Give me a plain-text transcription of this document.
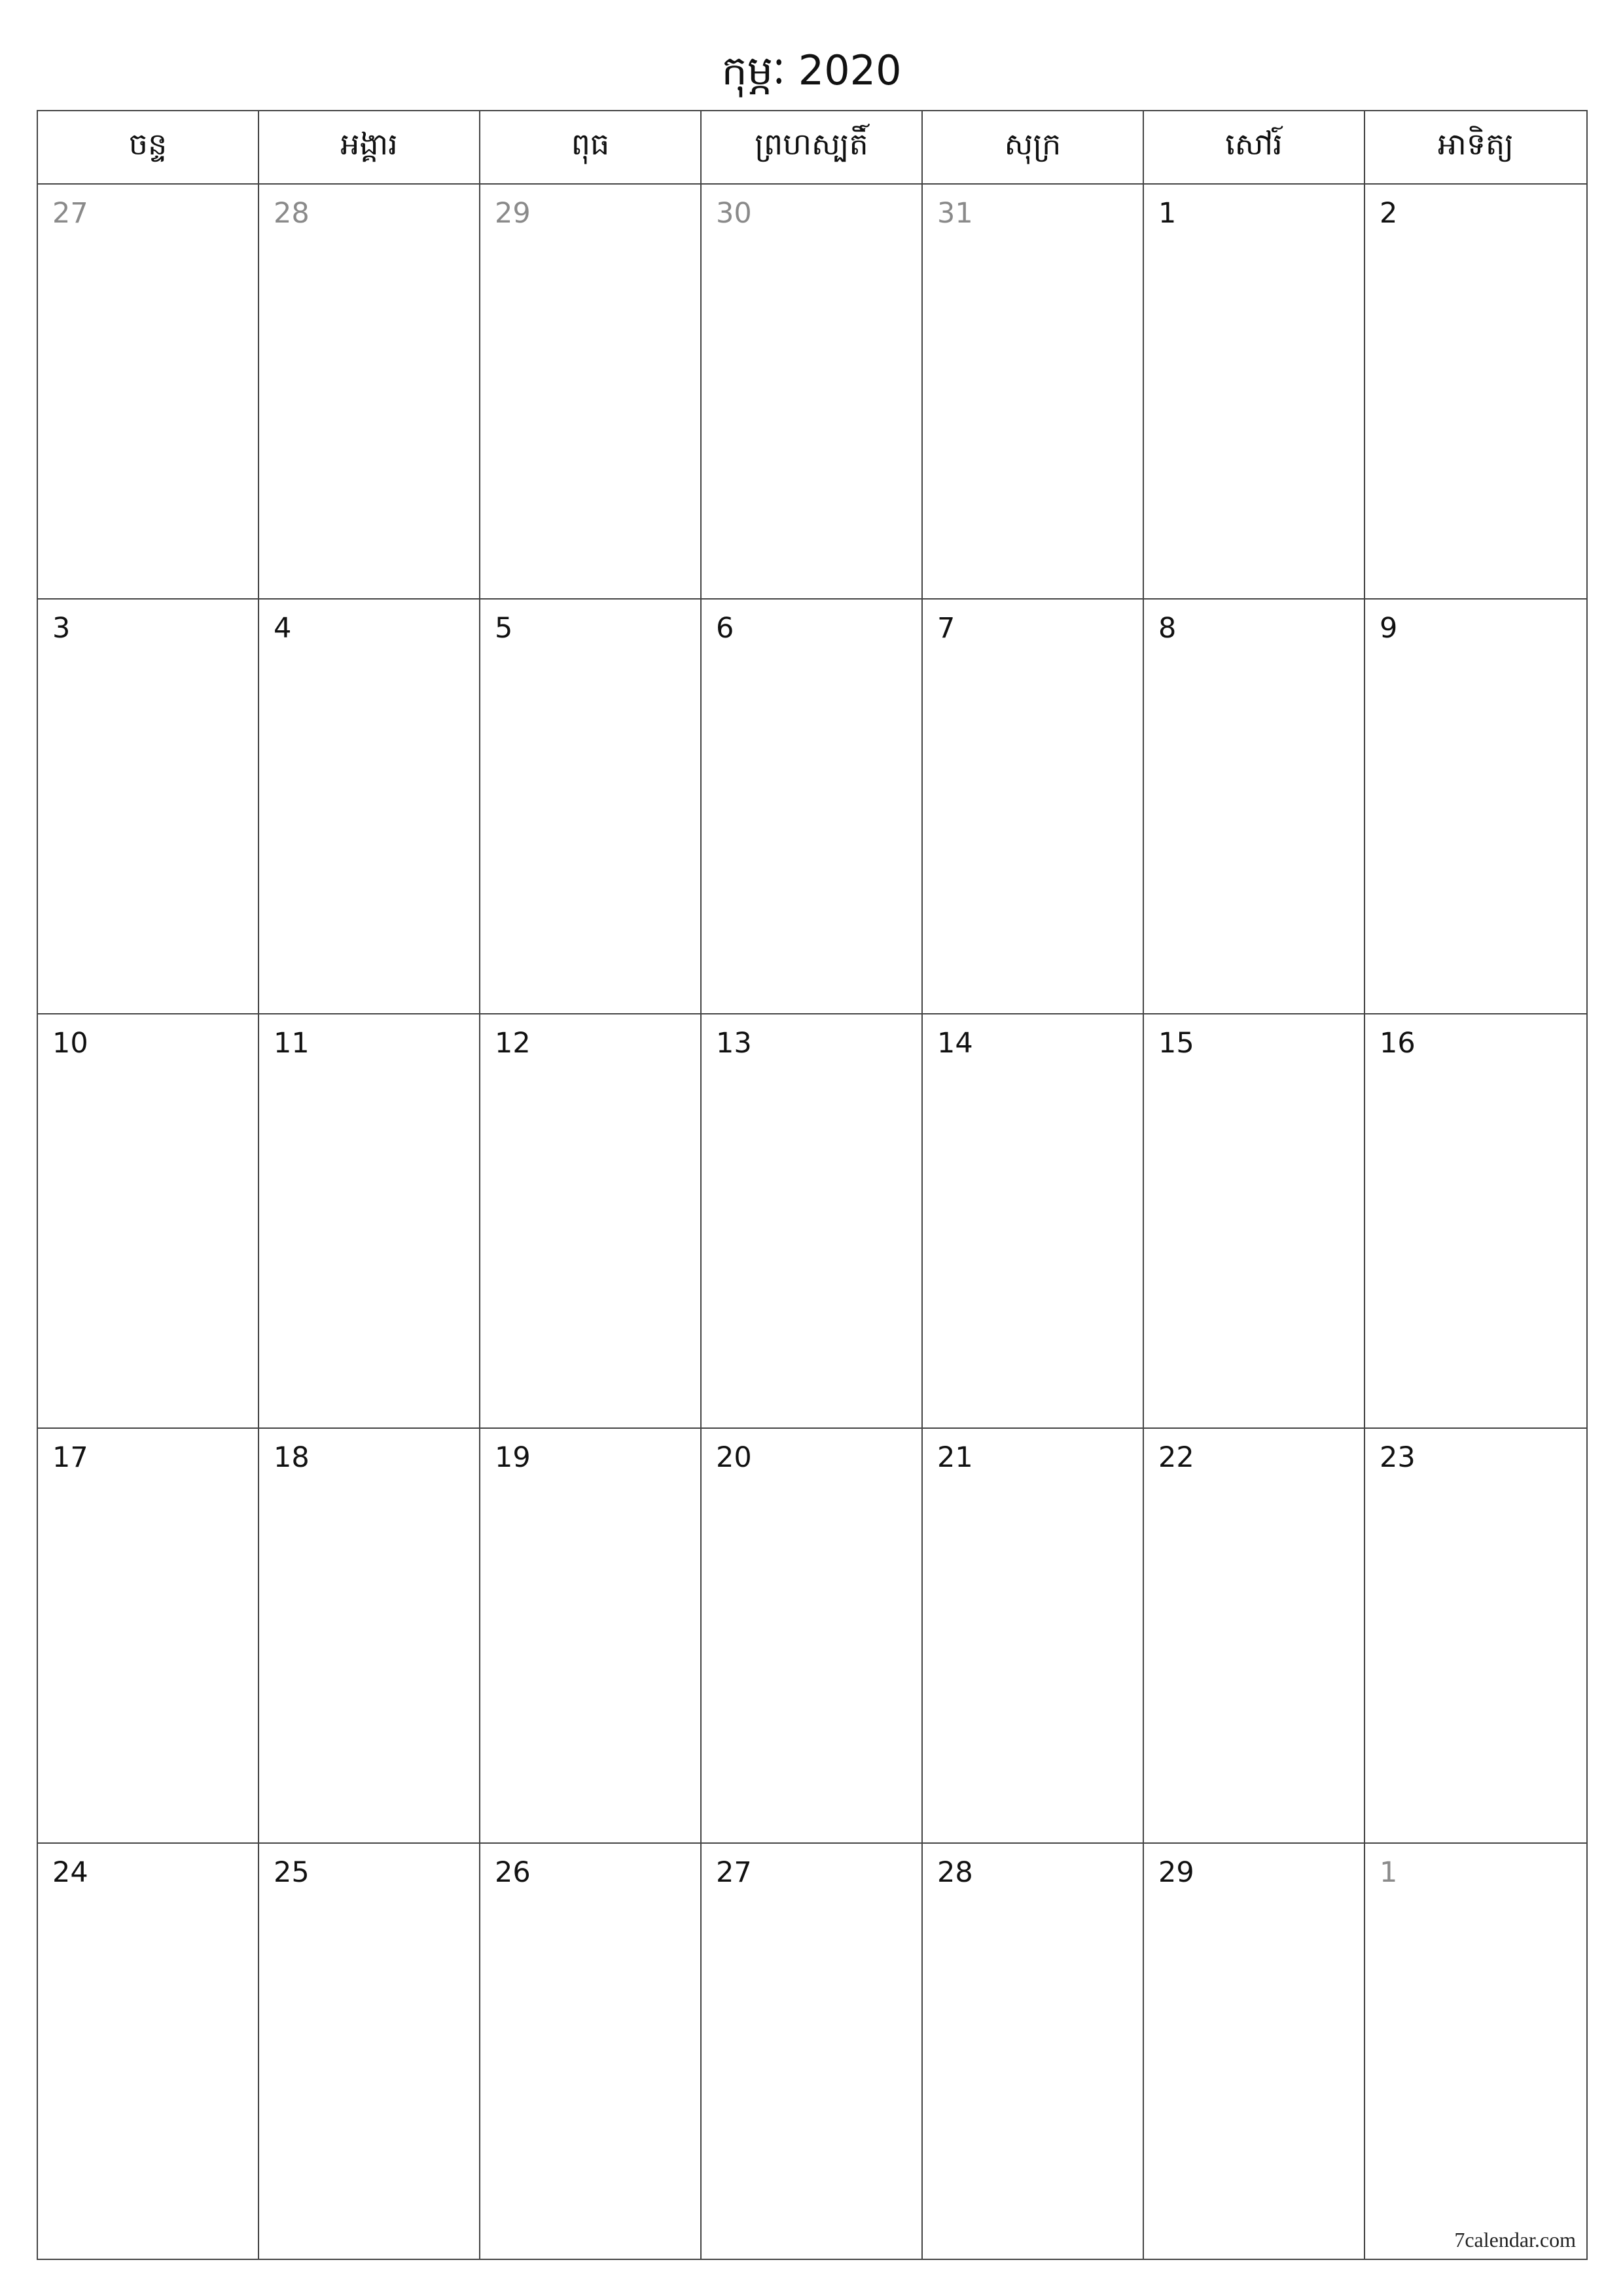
កុម្ភៈ 2020
ចន្ទ	អង្គារ	ពុធ	ព្រហស្បតិ៍	សុក្រ	សៅរ៍	អាទិត្យ
27	28	29	30	31	1	2
3	4	5	6	7	8	9
10	11	12	13	14	15	16
17	18	19	20	21	22	23
24	25	26	27	28	29	1
7calendar.com
